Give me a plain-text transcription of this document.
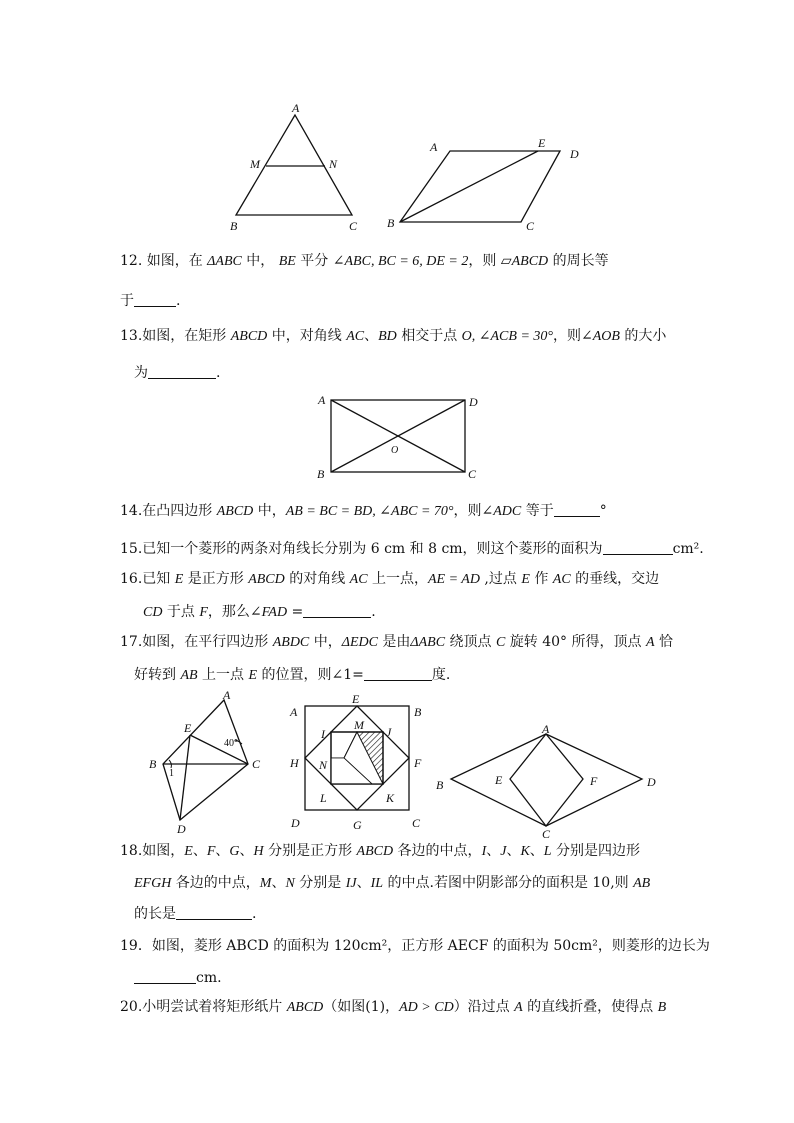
A
M	N
B	C
A	E
D
B	C
12. 如图，在 ΔABC 中， BE 平分 ∠ABC, BC = 6, DE = 2，则 ▱ABCD 的周长等
于	.
13.如图，在矩形 ABCD 中，对角线 AC、BD 相交于点 O, ∠ACB = 30°，则∠AOB 的大小
为	.
A	D
B	C
O
14.在凸四边形 ABCD 中，AB = BC = BD, ∠ABC = 70°，则∠ADC 等于	°
15.已知一个菱形的两条对角线长分别为 6 cm 和 8 cm，则这个菱形的面积为	cm².
16.已知 E 是正方形 ABCD 的对角线 AC 上一点，AE = AD ,过点 E 作 AC 的垂线，交边
CD 于点 F，那么∠FAD =	.
17.如图，在平行四边形 ABDC 中，ΔEDC 是由ΔABC 绕顶点 C 旋转 40° 所得，顶点 A 恰
好转到 AB 上一点 E 的位置，则∠1=	度.
A
E
B	C
D
1
40°
A
E
B
I
M J
H N	F
L	K
D	G	C
A
B	E	F	D
C
18.如图，E、F、G、H 分别是正方形 ABCD 各边的中点，I、J、K、L 分别是四边形
EFGH 各边的中点，M、N 分别是 IJ、IL 的中点.若图中阴影部分的面积是 10,则 AB
的长是	.
19．如图，菱形 ABCD 的面积为 120cm²，正方形 AECF 的面积为 50cm²，则菱形的边长为
cm.
20.小明尝试着将矩形纸片 ABCD（如图(1)，AD > CD）沿过点 A 的直线折叠，使得点 B
